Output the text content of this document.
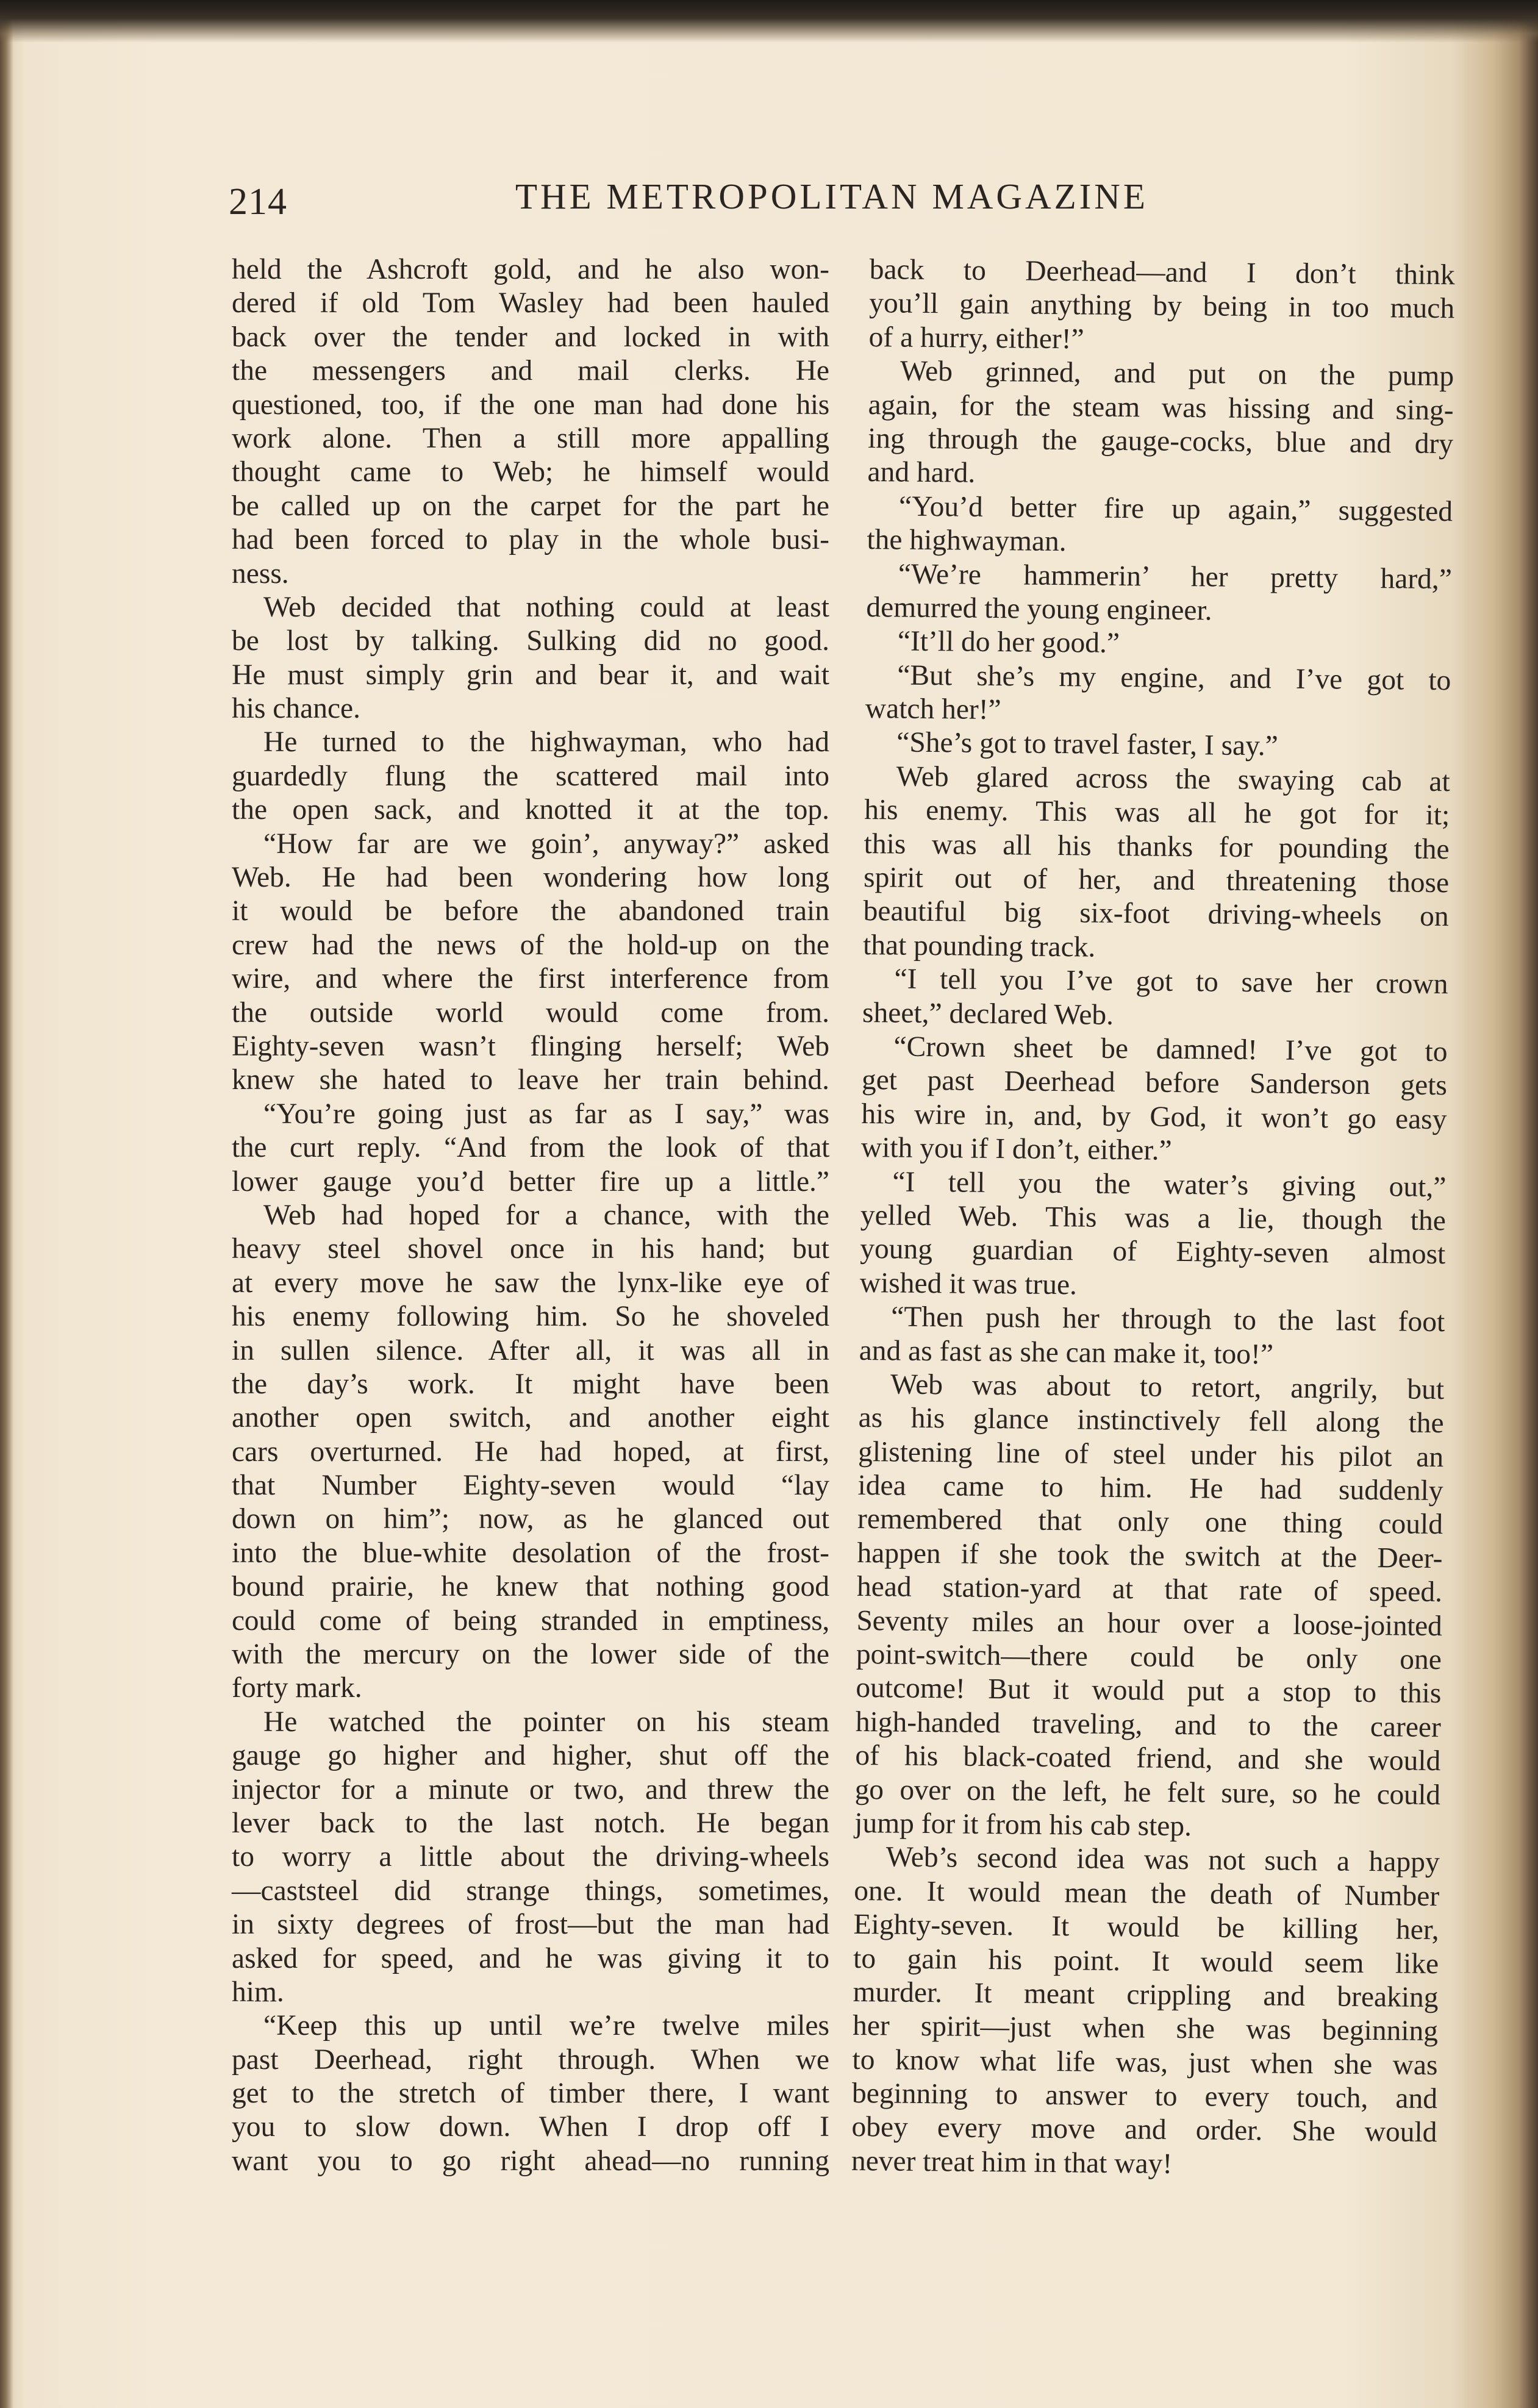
214	THE METROPOLITAN MAGAZINE
held the Ashcroft gold, and he also won-
dered if old Tom Wasley had been hauled
back over the tender and locked in with
the messengers and mail clerks. He
questioned, too, if the one man had done his
work alone. Then a still more appalling
thought came to Web; he himself would
be called up on the carpet for the part he
had been forced to play in the whole busi-
ness.
Web decided that nothing could at least
be lost by talking. Sulking did no good.
He must simply grin and bear it, and wait
his chance.
He turned to the highwayman, who had
guardedly flung the scattered mail into
the open sack, and knotted it at the top.
“How far are we goin’, anyway?” asked
Web. He had been wondering how long
it would be before the abandoned train
crew had the news of the hold-up on the
wire, and where the first interference from
the outside world would come from.
Eighty-seven wasn’t flinging herself; Web
knew she hated to leave her train behind.
“You’re going just as far as I say,” was
the curt reply. “And from the look of that
lower gauge you’d better fire up a little.”
Web had hoped for a chance, with the
heavy steel shovel once in his hand; but
at every move he saw the lynx-like eye of
his enemy following him. So he shoveled
in sullen silence. After all, it was all in
the day’s work. It might have been
another open switch, and another eight
cars overturned. He had hoped, at first,
that Number Eighty-seven would “lay
down on him”; now, as he glanced out
into the blue-white desolation of the frost-
bound prairie, he knew that nothing good
could come of being stranded in emptiness,
with the mercury on the lower side of the
forty mark.
He watched the pointer on his steam
gauge go higher and higher, shut off the
injector for a minute or two, and threw the
lever back to the last notch. He began
to worry a little about the driving-wheels
—caststeel did strange things, sometimes,
in sixty degrees of frost—but the man had
asked for speed, and he was giving it to
him.
“Keep this up until we’re twelve miles
past Deerhead, right through. When we
get to the stretch of timber there, I want
you to slow down. When I drop off I
want you to go right ahead—no running
back to Deerhead—and I don’t think
you’ll gain anything by being in too much
of a hurry, either!”
Web grinned, and put on the pump
again, for the steam was hissing and sing-
ing through the gauge-cocks, blue and dry
and hard.
“You’d better fire up again,” suggested
the highwayman.
“We’re hammerin’ her pretty hard,”
demurred the young engineer.
“It’ll do her good.”
“But she’s my engine, and I’ve got to
watch her!”
“She’s got to travel faster, I say.”
Web glared across the swaying cab at
his enemy. This was all he got for it;
this was all his thanks for pounding the
spirit out of her, and threatening those
beautiful big six-foot driving-wheels on
that pounding track.
“I tell you I’ve got to save her crown
sheet,” declared Web.
“Crown sheet be damned! I’ve got to
get past Deerhead before Sanderson gets
his wire in, and, by God, it won’t go easy
with you if I don’t, either.”
“I tell you the water’s giving out,”
yelled Web. This was a lie, though the
young guardian of Eighty-seven almost
wished it was true.
“Then push her through to the last foot
and as fast as she can make it, too!”
Web was about to retort, angrily, but
as his glance instinctively fell along the
glistening line of steel under his pilot an
idea came to him. He had suddenly
remembered that only one thing could
happen if she took the switch at the Deer-
head station-yard at that rate of speed.
Seventy miles an hour over a loose-jointed
point-switch—there could be only one
outcome! But it would put a stop to this
high-handed traveling, and to the career
of his black-coated friend, and she would
go over on the left, he felt sure, so he could
jump for it from his cab step.
Web’s second idea was not such a happy
one. It would mean the death of Number
Eighty-seven. It would be killing her,
to gain his point. It would seem like
murder. It meant crippling and breaking
her spirit—just when she was beginning
to know what life was, just when she was
beginning to answer to every touch, and
obey every move and order. She would
never treat him in that way!
